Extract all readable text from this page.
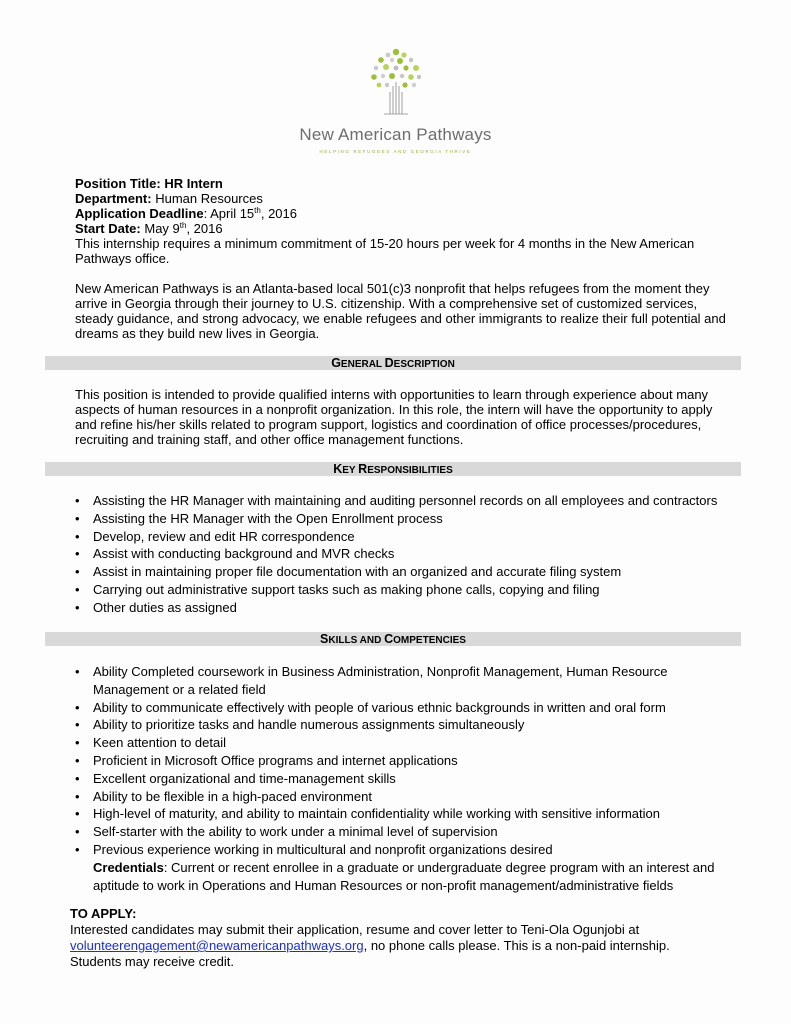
New American Pathways
HELPING REFUGEES AND GEORGIA THRIVE

Position Title: HR Intern

Department: Human Resources

Application Deadline: April 15th, 2016

Start Date: May 9th, 2016

This internship requires a minimum commitment of 15-20 hours per week for 4 months in the New American Pathways office.

New American Pathways is an Atlanta-based local 501(c)3 nonprofit that helps refugees from the moment they arrive in Georgia through their journey to U.S. citizenship. With a comprehensive set of customized services, steady guidance, and strong advocacy, we enable refugees and other immigrants to realize their full potential and dreams as they build new lives in Georgia.

GENERAL DESCRIPTION

This position is intended to provide qualified interns with opportunities to learn through experience about many aspects of human resources in a nonprofit organization. In this role, the intern will have the opportunity to apply and refine his/her skills related to program support, logistics and coordination of office processes/procedures, recruiting and training staff, and other office management functions.

KEY RESPONSIBILITIES
• Assisting the HR Manager with maintaining and auditing personnel records on all employees and contractors
• Assisting the HR Manager with the Open Enrollment process
• Develop, review and edit HR correspondence
• Assist with conducting background and MVR checks
• Assist in maintaining proper file documentation with an organized and accurate filing system
• Carrying out administrative support tasks such as making phone calls, copying and filing
• Other duties as assigned
SKILLS AND COMPETENCIES
• Ability Completed coursework in Business Administration, Nonprofit Management, Human Resource Management or a related field
• Ability to communicate effectively with people of various ethnic backgrounds in written and oral form
• Ability to prioritize tasks and handle numerous assignments simultaneously
• Keen attention to detail
• Proficient in Microsoft Office programs and internet applications
• Excellent organizational and time-management skills
• Ability to be flexible in a high-paced environment
• High-level of maturity, and ability to maintain confidentiality while working with sensitive information
• Self-starter with the ability to work under a minimal level of supervision
• Previous experience working in multicultural and nonprofit organizations desired
Credentials: Current or recent enrollee in a graduate or undergraduate degree program with an interest and aptitude to work in Operations and Human Resources or non-profit management/administrative fields
TO APPLY:
Interested candidates may submit their application, resume and cover letter to Teni-Ola Ogunjobi at
volunteerengagement@newamericanpathways.org, no phone calls please. This is a non-paid internship.
Students may receive credit.
